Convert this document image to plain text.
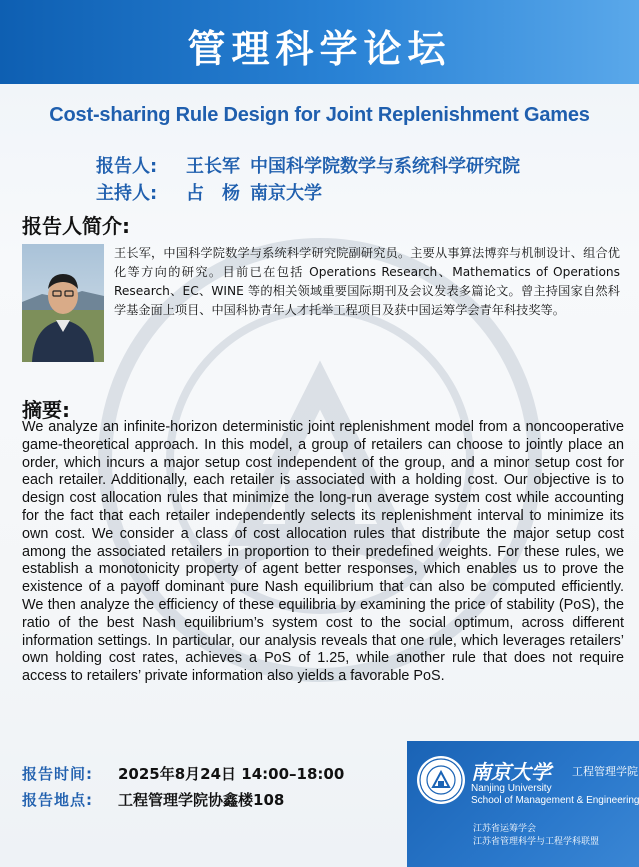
管理科学论坛
Cost-sharing Rule Design for Joint Replenishment Games
报告人: 王长军 中国科学院数学与系统科学研究院
主持人: 占　杨 南京大学
报告人简介:
王长军，中国科学院数学与系统科学研究院副研究员。主要从事算法博弈与机制设计、组合优化等方向的研究。目前已在包括 Operations Research、Mathematics of Operations Research、EC、WINE 等的相关领域重要国际期刊及会议发表多篇论文。曾主持国家自然科学基金面上项目、中国科协青年人才托举工程项目及获中国运筹学会青年科技奖等。
摘要:
We analyze an infinite-horizon deterministic joint replenishment model from a noncooperative game-theoretical approach. In this model, a group of retailers can choose to jointly place an order, which incurs a major setup cost independent of the group, and a minor setup cost for each retailer. Additionally, each retailer is associated with a holding cost. Our objective is to design cost allocation rules that minimize the long-run average system cost while accounting for the fact that each retailer independently selects its replenishment interval to minimize its own cost. We consider a class of cost allocation rules that distribute the major setup cost among the associated retailers in proportion to their predefined weights. For these rules, we establish a monotonicity property of agent better responses, which enables us to prove the existence of a payoff dominant pure Nash equilibrium that can also be computed efficiently. We then analyze the efficiency of these equilibria by examining the price of stability (PoS), the ratio of the best Nash equilibrium’s system cost to the social optimum, across different information settings. In particular, our analysis reveals that one rule, which leverages retailers’ own holding cost rates, achieves a PoS of 1.25, while another rule that does not require access to retailers’ private information also yields a favorable PoS.
报告时间: 2025年8月24日 14:00–18:00
报告地点: 工程管理学院协鑫楼108
南京大学 工程管理学院
Nanjing University
School of Management & Engineering
江苏省运筹学会
江苏省管理科学与工程学科联盟
